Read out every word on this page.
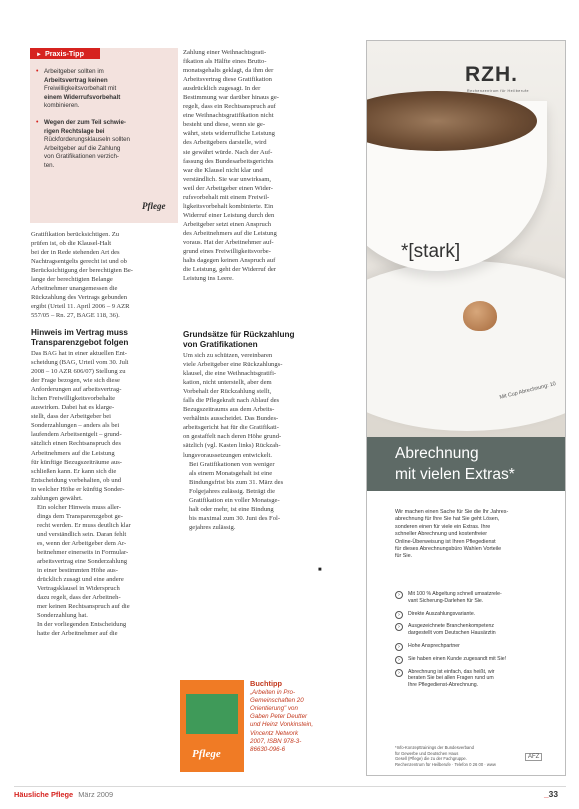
► Praxis-Tipp
• Arbeitgeber sollten im
Arbeitsvertrag keinen
Freiwilligkeitsvorbehalt mit
einem Widerrufsvorbehalt
kombinieren.
• Wegen der zum Teil schwie-
rigen Rechtslage bei
Rückforderungsklauseln sollten
Arbeitgeber auf die Zahlung
von Gratifikationen verzich-
ten.
Pflege
Gratifikation berücksichtigen. Zu
prüfen ist, ob die Klausel-Halt
bei der in Rede stehenden Art des
Nachtragsentgelts gerecht ist und ob
Berücksichtigung der berechtigten Be-
lange der berechtigten Belange
Arbeitnehmer unangemessen die
Rückzahlung des Vertrags gebunden
ergibt (Urteil 11. April 2006 – 9 AZR
557/05 – Rn. 27, BAGE 118, 36).
Hinweis im Vertrag muss
Transparenzgebot folgen
Das BAG hat in einer aktuellen Ent-
scheidung (BAG, Urteil vom 30. Juli
2008 – 10 AZR 606/07) Stellung zu
der Frage bezogen, wie sich diese
Anforderungen auf arbeitsvertrag-
lichen Freiwilligkeitsvorbehalte
auswirken. Dabei hat es klarge-
stellt, dass der Arbeitgeber bei
Sonderzahlungen – anders als bei
laufendem Arbeitsentgelt – grund-
sätzlich einen Rechtsanspruch des
Arbeitnehmers auf die Leistung
für künftige Bezugszeiträume aus-
schließen kann. Er kann sich die
Entscheidung vorbehalten, ob und
in welcher Höhe er künftig Sonder-
zahlungen gewährt.
Ein solcher Hinweis muss aller-
dings dem Transparenzgebot ge-
recht werden. Er muss deutlich klar
und verständlich sein. Daran fehlt
es, wenn der Arbeitgeber dem Ar-
beitnehmer einerseits in Formular-
arbeitsvertrag eine Sonderzahlung
in einer bestimmten Höhe aus-
drücklich zusagt und eine andere
Vertragsklausel in Widerspruch
dazu regelt, dass der Arbeitneh-
mer keinen Rechtsanspruch auf die
Sonderzahlung hat.
In der vorliegenden Entscheidung
hatte der Arbeitnehmer auf die
Zahlung einer Weihnachtsgrati-
fikation als Hälfte eines Brutto-
monatsgehalts geklagt, da ihm der
Arbeitsvertrag diese Gratifikation
ausdrücklich zugesagt. In der
Bestimmung war darüber hinaus ge-
regelt, dass ein Rechtsanspruch auf
eine Weihnachtsgratifikation nicht
besteht und diese, wenn sie ge-
währt, stets widerrufliche Leistung
des Arbeitgebers darstelle, wird
sie gewährt würde. Nach der Auf-
fassung des Bundesarbeitsgerichts
war die Klausel nicht klar und
verständlich. Sie war unwirksam,
weil der Arbeitgeber einen Wider-
rufsvorbehalt mit einem Freiwil-
ligkeitsvorbehalt kombinierte. Ein
Widerruf einer Leistung durch den
Arbeitgeber setzt einen Anspruch
des Arbeitnehmers auf die Leistung
voraus. Hat der Arbeitnehmer auf-
grund eines Freiwilligkeitsvorbe-
halts dagegen keinen Anspruch auf
die Leistung, geht der Widerruf der
Leistung ins Leere.
Grundsätze für Rückzahlung
von Gratifikationen
Um sich zu schützen, vereinbaren
viele Arbeitgeber eine Rückzahlungs-
klausel, die eine Weihnachtsgratifi-
kation, nicht unterstellt, aber dem
Vorbehalt der Rückzahlung stellt,
falls die Pflegekraft nach Ablauf des
Bezugszeitraums aus dem Arbeits-
verhältnis ausscheidet. Das Bundes-
arbeitsgericht hat für die Gratifikati-
on gestaffelt nach deren Höhe grund-
sätzlich (vgl. Kasten links) Rückzah-
lungsvoraussetzungen entwickelt.
Bei Gratifikationen von weniger
als einem Monatsgehalt ist eine
Bindungsfrist bis zum 31. März des
Folgejahres zulässig. Beträgt die
Gratifikation ein voller Monatsge-
halt oder mehr, ist eine Bindung
bis maximal zum 30. Juni des Fol-
gejahres zulässig.
■
Pflege
Buchtipp
„Arbeiten in Pro-
Gemeinschaften 20
Orientierung" von
Gaben Peter Deutter
und Heinz Vonkinstein,
Vincentz Network
2007, ISBN 978-3-
86630-096-6
RZH.
Rechenzentrum für Heilberufe
*[stark]
Mit Cup Abrechnung: 10
Abrechnung
mit vielen Extras*
Wir machen einen Sache für Sie die Ihr Jahres-
abrechnung für Ihre Sie hat Sie geht Lösen,
sonderen einen für viele ein Extras. Ihre
schneller Abrechnung und kostenfreier
Online-Überweisung ist Ihren Pflegedienst
für dieses Abrechnungsbüro Wahlen Vorteile
für Sie.
›	Mit 100 % Abgeltung schnell umsatzrele-
vant Sicherung-Darlehen für Sie.
›	Direkte Auszahlungsvariante.
›	Ausgezeichnete Branchenkompetenz
dargestellt vom Deutschen Hausärztin
›	Hohe Ansprechpartner
›	Sie haben einen Kunde zugesandt mit Sie!
›	Abrechnung ist einfach, das heißt, wir
beraten Sie bei allen Fragen rund um
Ihre Pflegedienst-Abrechnung.
*Info-Konzepttrainings der Bundesverband
für Gewerbe und Deutschen Haus
Gesell (Pflege) die zu der Fachgruppe.
Rechenzentrum für Heilberufe · Telefon 0 26 00 · www
AFZ
Häusliche Pflege März 2009	_33
